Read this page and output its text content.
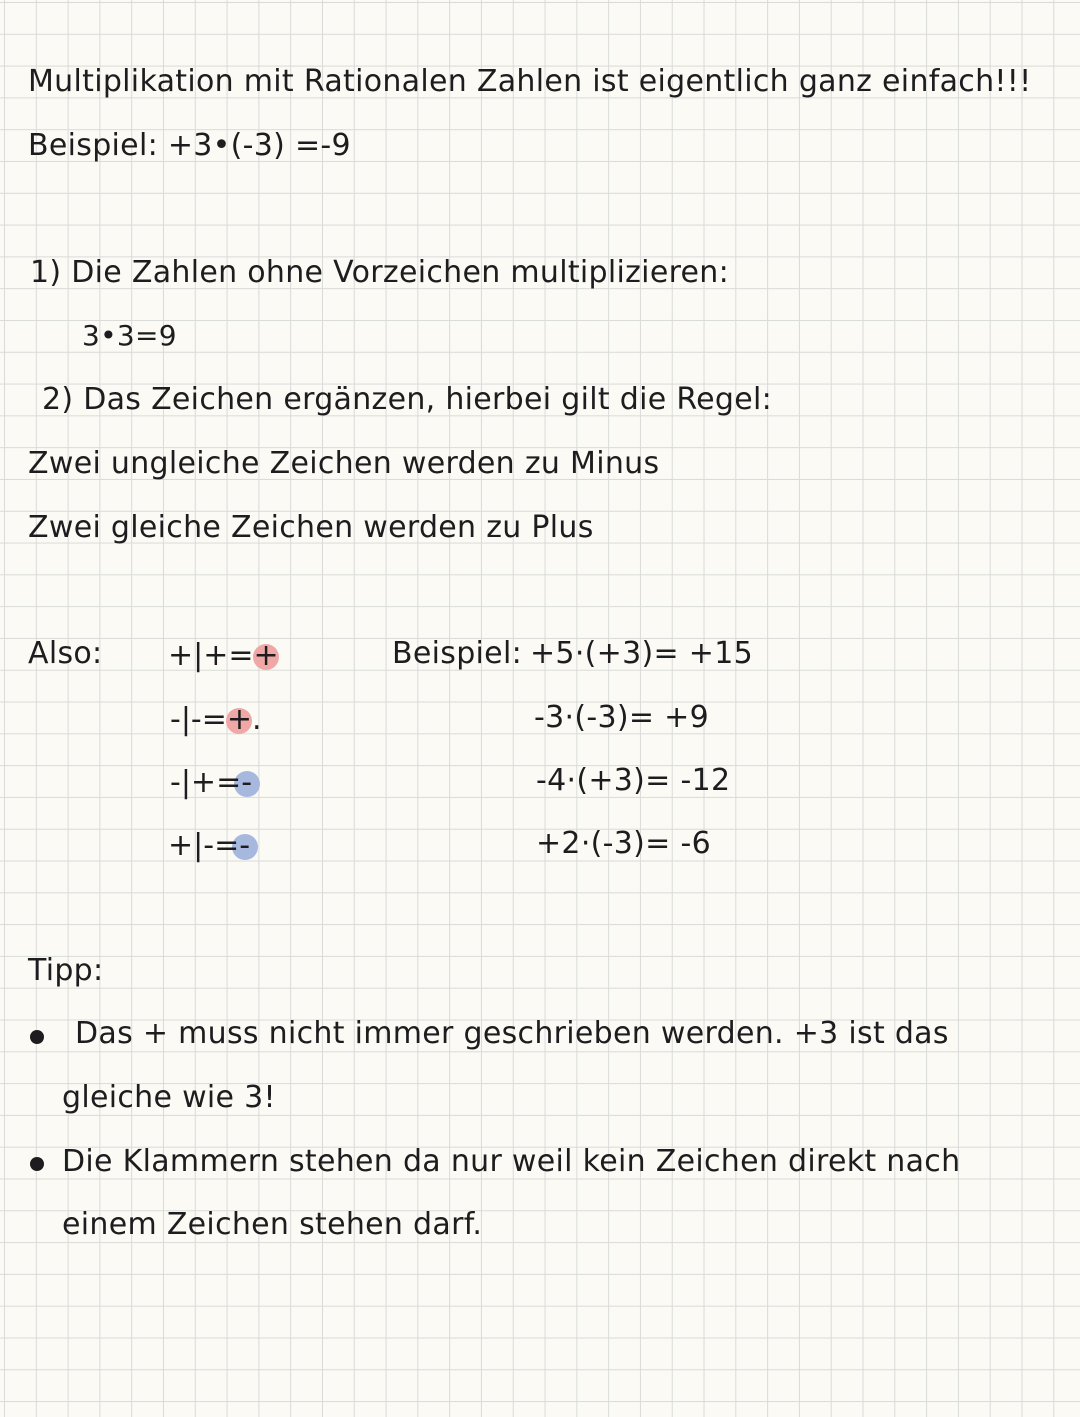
Multiplikation mit Rationalen Zahlen ist eigentlich ganz einfach!!!
Beispiel: +3•(-3) =-9
1) Die Zahlen ohne Vorzeichen multiplizieren:
3•3=9
2) Das Zeichen ergänzen, hierbei gilt die Regel:
Zwei ungleiche Zeichen werden zu Minus
Zwei gleiche Zeichen werden zu Plus
Also: +|+=+
-|-=+.
-|+=-
+|-=-
Beispiel: +5·(+3)= +15
-3·(-3)= +9
-4·(+3)= -12
+2·(-3)= -6
Tipp:
Das + muss nicht immer geschrieben werden. +3 ist das
gleiche wie 3!
Die Klammern stehen da nur weil kein Zeichen direkt nach
einem Zeichen stehen darf.
